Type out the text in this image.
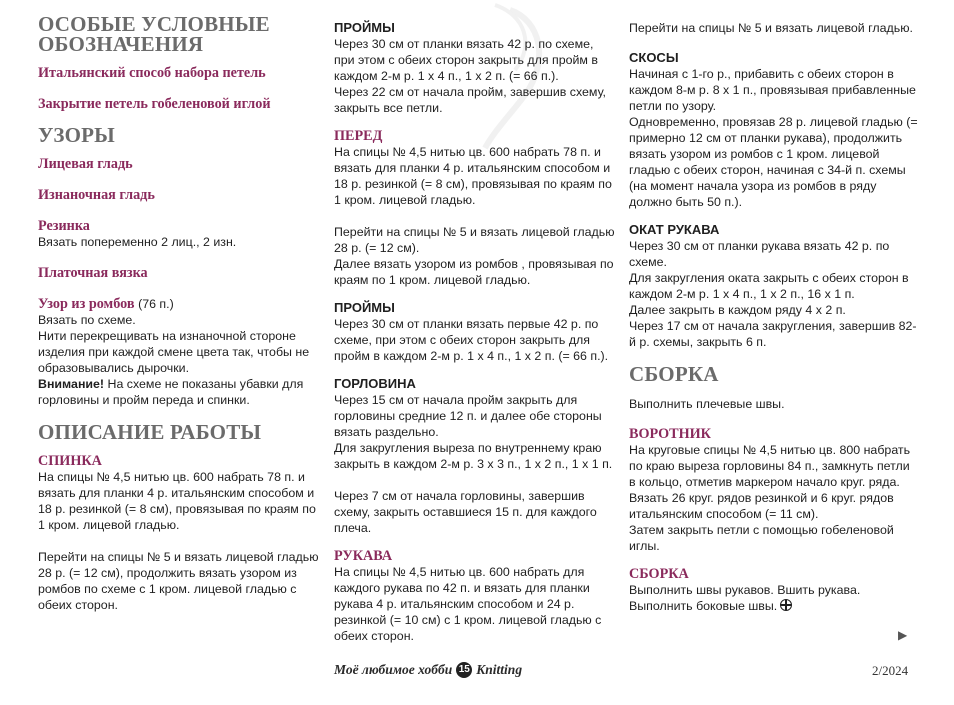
ОСОБЫЕ УСЛОВНЫЕ ОБОЗНАЧЕНИЯ

Итальянский способ набора петель

Закрытие петель гобеленовой иглой

УЗОРЫ

Лицевая гладь

Изнаночная гладь

Резинка

Вязать попеременно 2 лиц., 2 изн.

Платочная вязка

Узор из ромбов (76 п.)

Вязать по схеме.
Нити перекрещивать на изнаночной стороне изделия при каждой смене цвета так, чтобы не образовывались дырочки.

Внимание! На схеме не показаны убавки для горловины и пройм переда и спинки.

ОПИСАНИЕ РАБОТЫ

СПИНКА

На спицы № 4,5 нитью цв. 600 набрать 78 п. и вязать для планки 4 р. итальянским способом и 18 р. резинкой (= 8 см), провязывая по краям по 1 кром. лицевой гладью.

Перейти на спицы № 5 и вязать лицевой гладью 28 р. (= 12 см), продолжить вязать узором из ромбов по схеме с 1 кром. лицевой гладью с обеих сторон.

ПРОЙМЫ

Через 30 см от планки вязать 42 р. по схеме, при этом с обеих сторон закрыть для пройм в каждом 2-м р. 1 х 4 п., 1 х 2 п. (= 66 п.).
Через 22 см от начала пройм, завершив схему, закрыть все петли.

ПЕРЕД

На спицы № 4,5 нитью цв. 600 набрать 78 п. и вязать для планки 4 р. итальянским способом и 18 р. резинкой (= 8 см), провязывая по краям по 1 кром. лицевой гладью.

Перейти на спицы № 5 и вязать лицевой гладью 28 р. (= 12 см).
Далее вязать узором из ромбов , провязывая по краям по 1 кром. лицевой гладью.

ПРОЙМЫ

Через 30 см от планки вязать первые 42 р. по схеме, при этом с обеих сторон закрыть для пройм в каждом 2-м р. 1 х 4 п., 1 х 2 п. (= 66 п.).

ГОРЛОВИНА

Через 15 см от начала пройм закрыть для горловины средние 12 п. и далее обе стороны вязать раздельно.
Для закругления выреза по внутреннему краю закрыть в каждом 2-м р. 3 х 3 п., 1 х 2 п., 1 х 1 п.

Через 7 см от начала горловины, завершив схему, закрыть оставшиеся 15 п. для каждого плеча.

РУКАВА

На спицы № 4,5 нитью цв. 600 набрать для каждого рукава по 42 п. и вязать для планки рукава 4 р. итальянским способом и 24 р. резинкой (= 10 см) с 1 кром. лицевой гладью с обеих сторон.

Перейти на спицы № 5 и вязать лицевой гладью.

СКОСЫ

Начиная с 1-го р., прибавить с обеих сторон в каждом 8-м р. 8 х 1 п., провязывая прибавленные петли по узору.
Одновременно, провязав 28 р. лицевой гладью (= примерно 12 см от планки рукава), продолжить вязать узором из ромбов с 1 кром. лицевой гладью с обеих сторон, начиная с 34-й п. схемы (на момент начала узора из ромбов в ряду должно быть 50 п.).

ОКАТ РУКАВА

Через 30 см от планки рукава вязать 42 р. по схеме.
Для закругления оката закрыть с обеих сторон в каждом 2-м р. 1 х 4 п., 1 х 2 п., 16 х 1 п.
Далее закрыть в каждом ряду 4 х 2 п.
Через 17 см от начала закругления, завершив 82-й р. схемы, закрыть 6 п.

СБОРКА

Выполнить плечевые швы.

ВОРОТНИК

На круговые спицы № 4,5 нитью цв. 800 набрать по краю выреза горловины 84 п., замкнуть петли в кольцо, отметив маркером начало круг. ряда.
Вязать 26 круг. рядов резинкой и 6 круг. рядов итальянским способом (= 11 см).
Затем закрыть петли с помощью гобеленовой иглы.

СБОРКА

Выполнить швы рукавов. Вшить рукава.
Выполнить боковые швы.

▶
Моё любимое хобби 15 Knitting	2/2024
